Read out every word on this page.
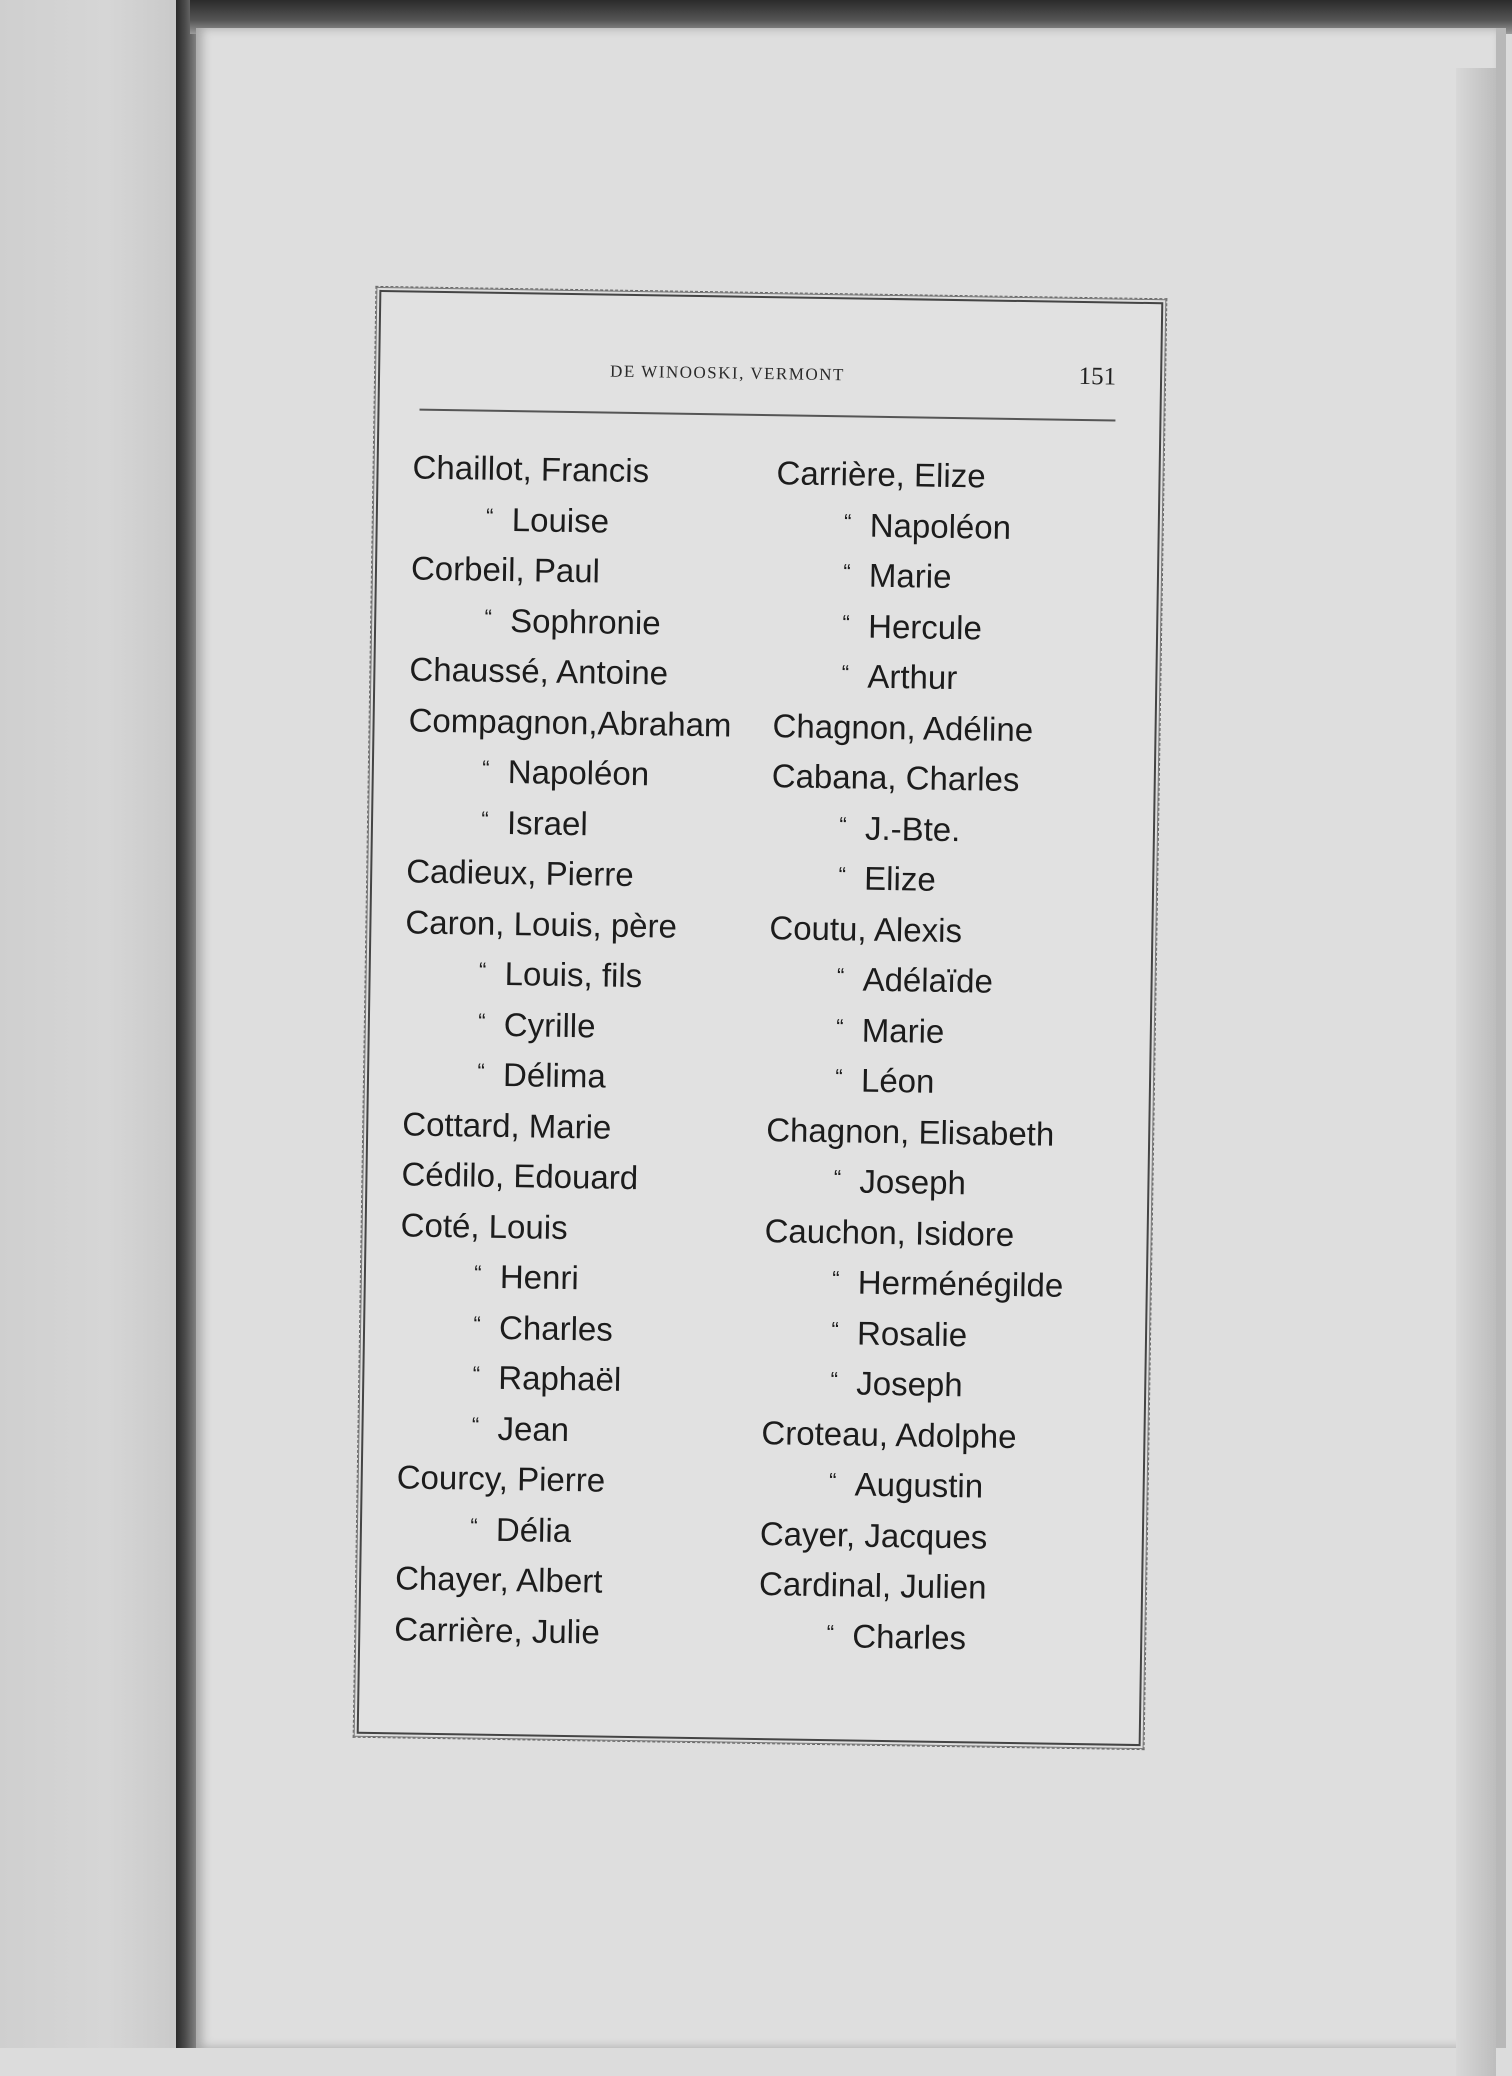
DE WINOOSKI, VERMONT	151
Chaillot, Francis
“ Louise
Corbeil, Paul
“ Sophronie
Chaussé, Antoine
Compagnon,Abraham
“ Napoléon
“ Israel
Cadieux, Pierre
Caron, Louis, père
“ Louis, fils
“ Cyrille
“ Délima
Cottard, Marie
Cédilo, Edouard
Coté, Louis
“ Henri
“ Charles
“ Raphaël
“ Jean
Courcy, Pierre
“ Délia
Chayer, Albert
Carrière, Julie
Carrière, Elize
“ Napoléon
“ Marie
“ Hercule
“ Arthur
Chagnon, Adéline
Cabana, Charles
“ J.-Bte.
“ Elize
Coutu, Alexis
“ Adélaïde
“ Marie
“ Léon
Chagnon, Elisabeth
“ Joseph
Cauchon, Isidore
“ Herménégilde
“ Rosalie
“ Joseph
Croteau, Adolphe
“ Augustin
Cayer, Jacques
Cardinal, Julien
“ Charles
